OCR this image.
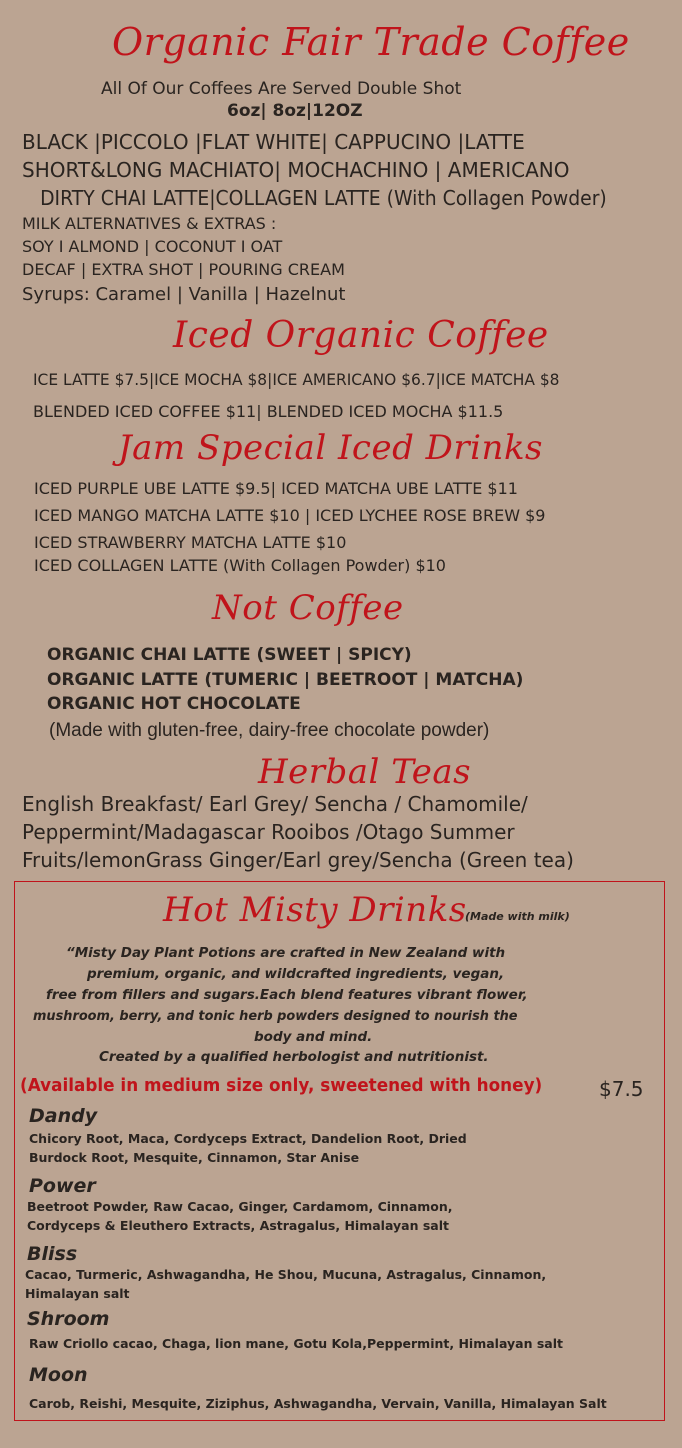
Organic Fair Trade Coffee
All Of Our Coffees Are Served Double Shot
6oz| 8oz|12OZ
BLACK |PICCOLO |FLAT WHITE| CAPPUCINO |LATTE
SHORT&LONG MACHIATO| MOCHACHINO | AMERICANO
DIRTY CHAI LATTE|COLLAGEN LATTE (With Collagen Powder)
MILK ALTERNATIVES & EXTRAS :
SOY I ALMOND | COCONUT I OAT
DECAF | EXTRA SHOT | POURING CREAM
Syrups: Caramel | Vanilla | Hazelnut
Iced Organic Coffee
ICE LATTE $7.5|ICE MOCHA $8|ICE AMERICANO $6.7|ICE MATCHA $8
BLENDED ICED COFFEE $11| BLENDED ICED MOCHA $11.5
Jam Special Iced Drinks
ICED PURPLE UBE LATTE $9.5| ICED MATCHA UBE LATTE $11
ICED MANGO MATCHA LATTE $10 | ICED LYCHEE ROSE BREW $9
ICED STRAWBERRY MATCHA LATTE $10
ICED COLLAGEN LATTE (With Collagen Powder) $10
Not Coffee
ORGANIC CHAI LATTE (SWEET | SPICY)
ORGANIC LATTE (TUMERIC | BEETROOT | MATCHA)
ORGANIC HOT CHOCOLATE
(Made with gluten-free, dairy-free chocolate powder)
Herbal Teas
English Breakfast/ Earl Grey/ Sencha / Chamomile/
Peppermint/Madagascar Rooibos /Otago Summer
Fruits/lemonGrass Ginger/Earl grey/Sencha (Green tea)
Hot Misty Drinks
(Made with milk)
“Misty Day Plant Potions are crafted in New Zealand with
premium, organic, and wildcrafted ingredients, vegan,
free from fillers and sugars.Each blend features vibrant flower,
mushroom, berry, and tonic herb powders designed to nourish the
body and mind.
Created by a qualified herbologist and nutritionist.
(Available in medium size only, sweetened with honey)	$7.5
Dandy
Chicory Root, Maca, Cordyceps Extract, Dandelion Root, Dried
Burdock Root, Mesquite, Cinnamon, Star Anise
Power
Beetroot Powder, Raw Cacao, Ginger, Cardamom, Cinnamon,
Cordyceps & Eleuthero Extracts, Astragalus, Himalayan salt
Bliss
Cacao, Turmeric, Ashwagandha, He Shou, Mucuna, Astragalus, Cinnamon,
Himalayan salt
Shroom
Raw Criollo cacao, Chaga, lion mane, Gotu Kola,Peppermint, Himalayan salt
Moon
Carob, Reishi, Mesquite, Ziziphus, Ashwagandha, Vervain, Vanilla, Himalayan Salt
